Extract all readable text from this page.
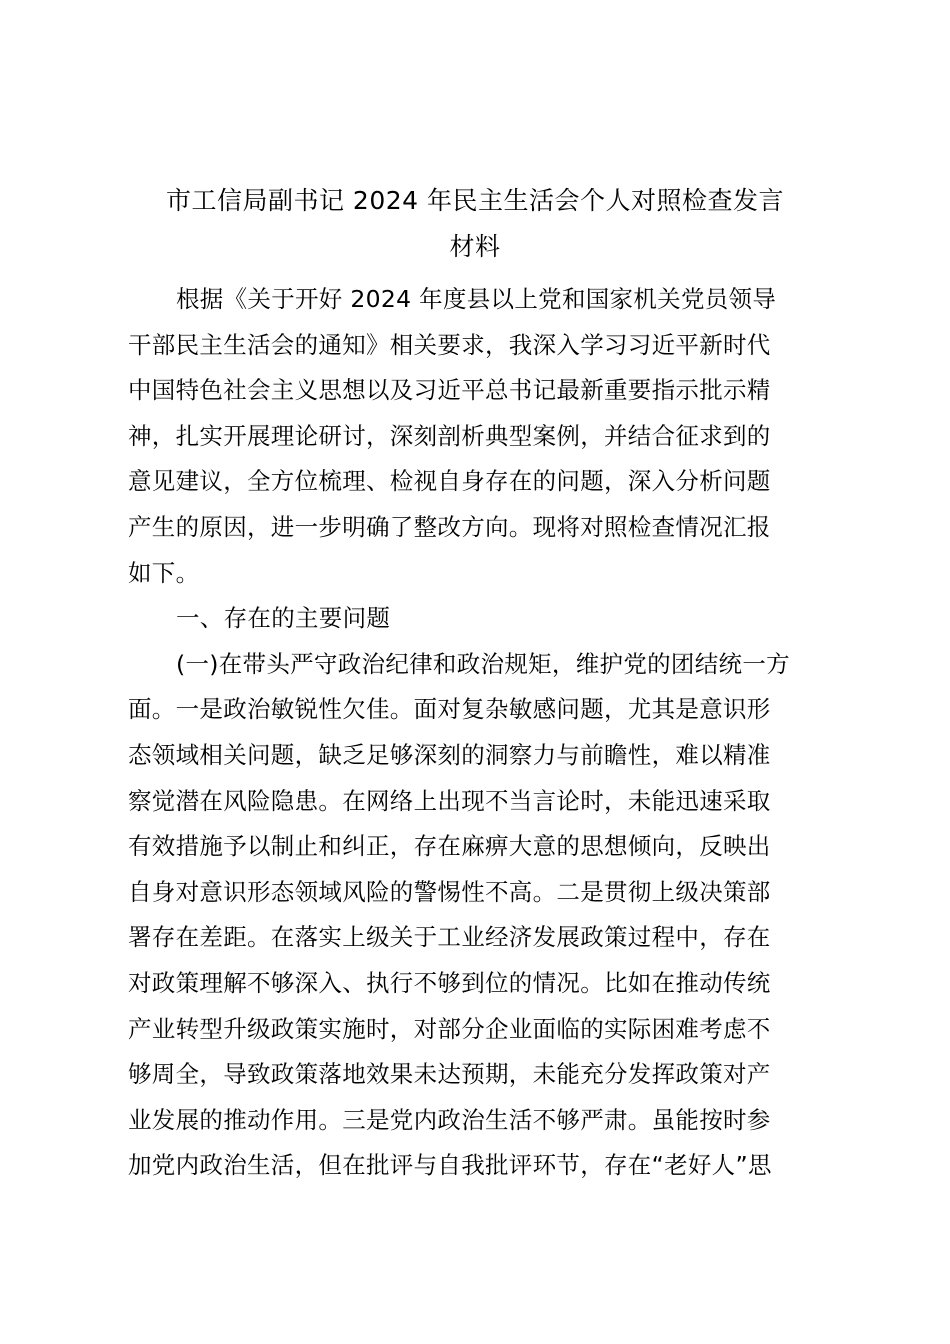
市工信局副书记 2024 年民主生活会个人对照检查发言
材料
根据《关于开好 2024 年度县以上党和国家机关党员领导
干部民主生活会的通知》相关要求，我深入学习习近平新时代
中国特色社会主义思想以及习近平总书记最新重要指示批示精
神，扎实开展理论研讨，深刻剖析典型案例，并结合征求到的
意见建议，全方位梳理、检视自身存在的问题，深入分析问题
产生的原因，进一步明确了整改方向。现将对照检查情况汇报
如下。
一、存在的主要问题
(一)在带头严守政治纪律和政治规矩，维护党的团结统一方
面。一是政治敏锐性欠佳。面对复杂敏感问题，尤其是意识形
态领域相关问题，缺乏足够深刻的洞察力与前瞻性，难以精准
察觉潜在风险隐患。在网络上出现不当言论时，未能迅速采取
有效措施予以制止和纠正，存在麻痹大意的思想倾向，反映出
自身对意识形态领域风险的警惕性不高。二是贯彻上级决策部
署存在差距。在落实上级关于工业经济发展政策过程中，存在
对政策理解不够深入、执行不够到位的情况。比如在推动传统
产业转型升级政策实施时，对部分企业面临的实际困难考虑不
够周全，导致政策落地效果未达预期，未能充分发挥政策对产
业发展的推动作用。三是党内政治生活不够严肃。虽能按时参
加党内政治生活，但在批评与自我批评环节，存在“老好人”思
